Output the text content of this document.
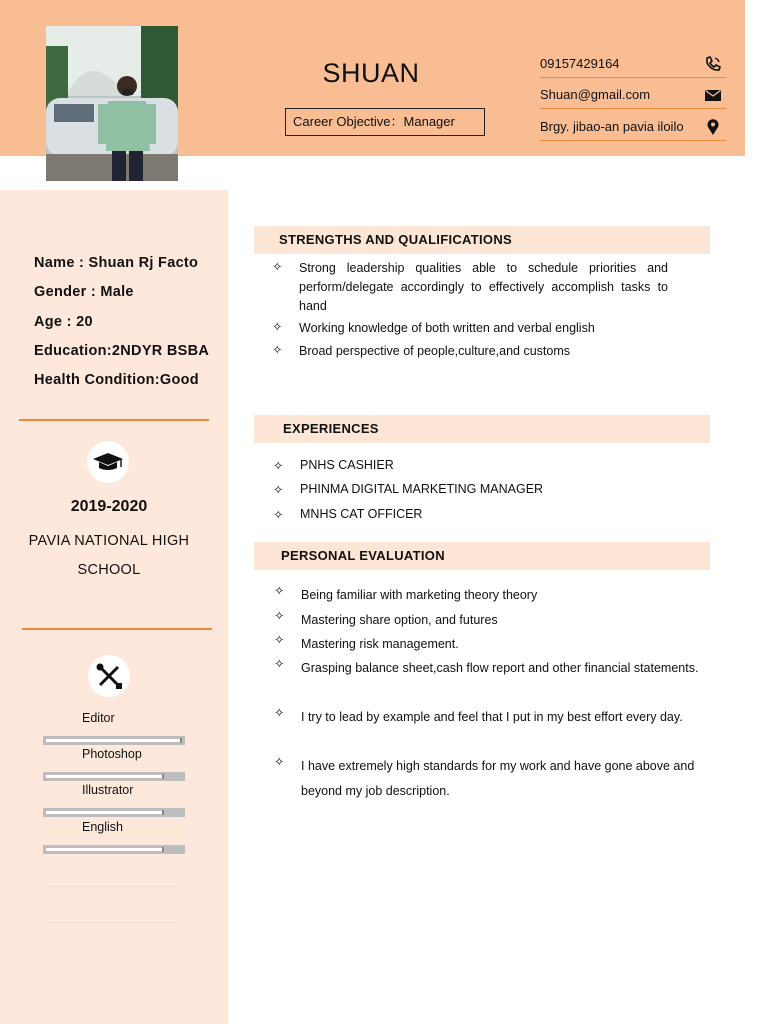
SHUAN
Career Objective：Manager
09157429164
Shuan@gmail.com
Brgy. jibao-an pavia iloilo
Name : Shuan Rj Facto
Gender : Male
Age : 20
Education:2NDYR BSBA
Health Condition:Good
2019-2020
PAVIA NATIONAL HIGH SCHOOL
Editor
Photoshop
Illustrator
English
STRENGTHS AND QUALIFICATIONS
✧ Strong leadership qualities able to schedule priorities and perform/delegate accordingly to effectively accomplish tasks to hand
✧ Working knowledge of both written and verbal english
✧ Broad perspective of people,culture,and customs
EXPERIENCES
✧ PNHS CASHIER
✧ PHINMA DIGITAL MARKETING MANAGER
✧ MNHS CAT OFFICER
PERSONAL EVALUATION
✧ Being familiar with marketing theory theory
✧ Mastering share option, and futures
✧ Mastering risk management.
✧ Grasping balance sheet,cash flow report and other financial statements.
✧ I try to lead by example and feel that I put in my best effort every day.
✧ I have extremely high standards for my work and have gone above and beyond my job description.
